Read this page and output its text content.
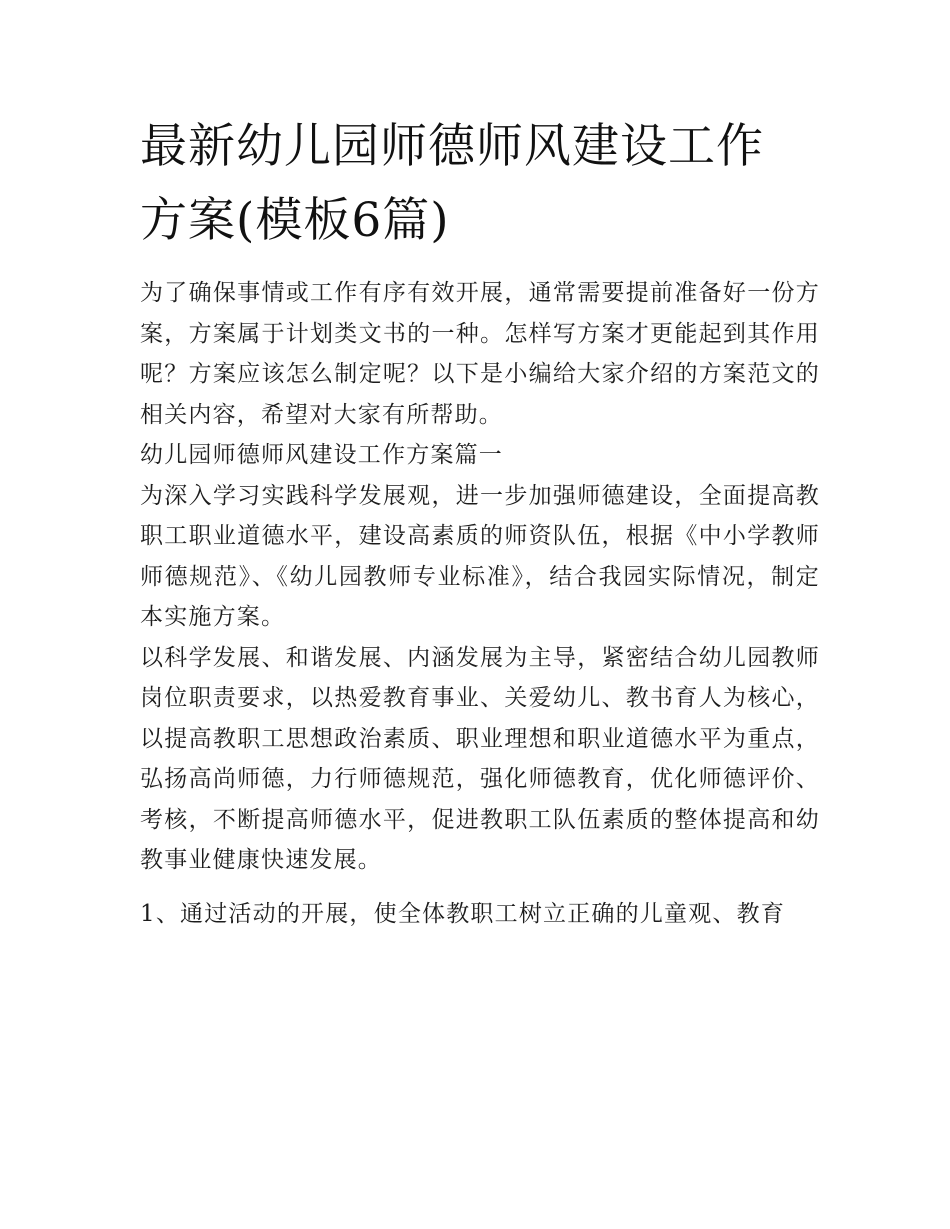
最新幼儿园师德师风建设工作
方案(模板6篇)

为了确保事情或工作有序有效开展，通常需要提前准备好一份方案，方案属于计划类文书的一种。怎样写方案才更能起到其作用呢？方案应该怎么制定呢？以下是小编给大家介绍的方案范文的相关内容，希望对大家有所帮助。

幼儿园师德师风建设工作方案篇一

为深入学习实践科学发展观，进一步加强师德建设，全面提高教职工职业道德水平，建设高素质的师资队伍，根据《中小学教师师德规范》、《幼儿园教师专业标准》，结合我园实际情况，制定本实施方案。

以科学发展、和谐发展、内涵发展为主导，紧密结合幼儿园教师岗位职责要求，以热爱教育事业、关爱幼儿、教书育人为核心，以提高教职工思想政治素质、职业理想和职业道德水平为重点，弘扬高尚师德，力行师德规范，强化师德教育，优化师德评价、考核，不断提高师德水平，促进教职工队伍素质的整体提高和幼教事业健康快速发展。

1、通过活动的开展，使全体教职工树立正确的儿童观、教育
